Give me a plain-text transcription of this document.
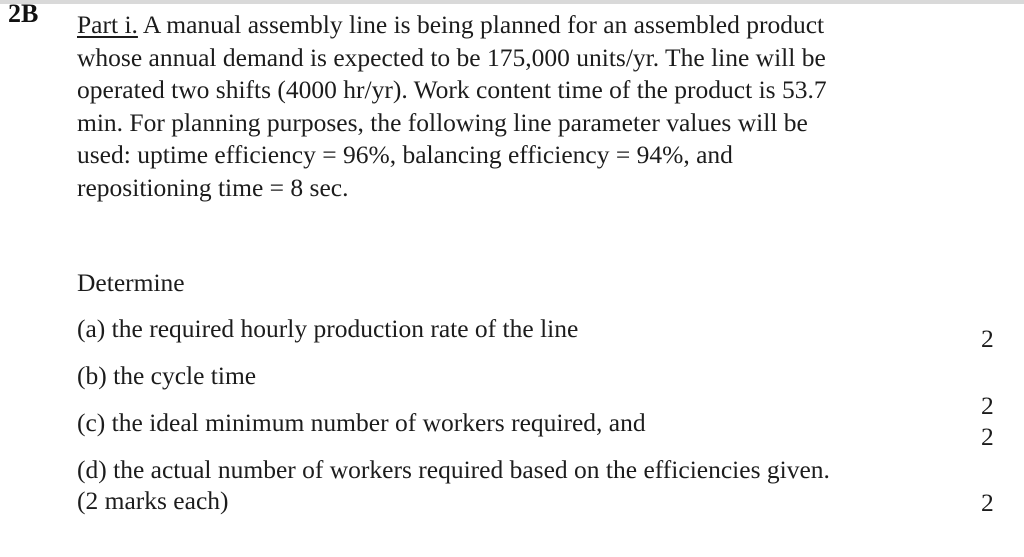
2B Part i. A manual assembly line is being planned for an assembled product
whose annual demand is expected to be 175,000 units/yr. The line will be
operated two shifts (4000 hr/yr). Work content time of the product is 53.7
min. For planning purposes, the following line parameter values will be
used: uptime efficiency = 96%, balancing efficiency = 94%, and
repositioning time = 8 sec.
Determine
(a) the required hourly production rate of the line
(b) the cycle time
(c) the ideal minimum number of workers required, and
(d) the actual number of workers required based on the efficiencies given.
(2 marks each)
2
2
2
2
